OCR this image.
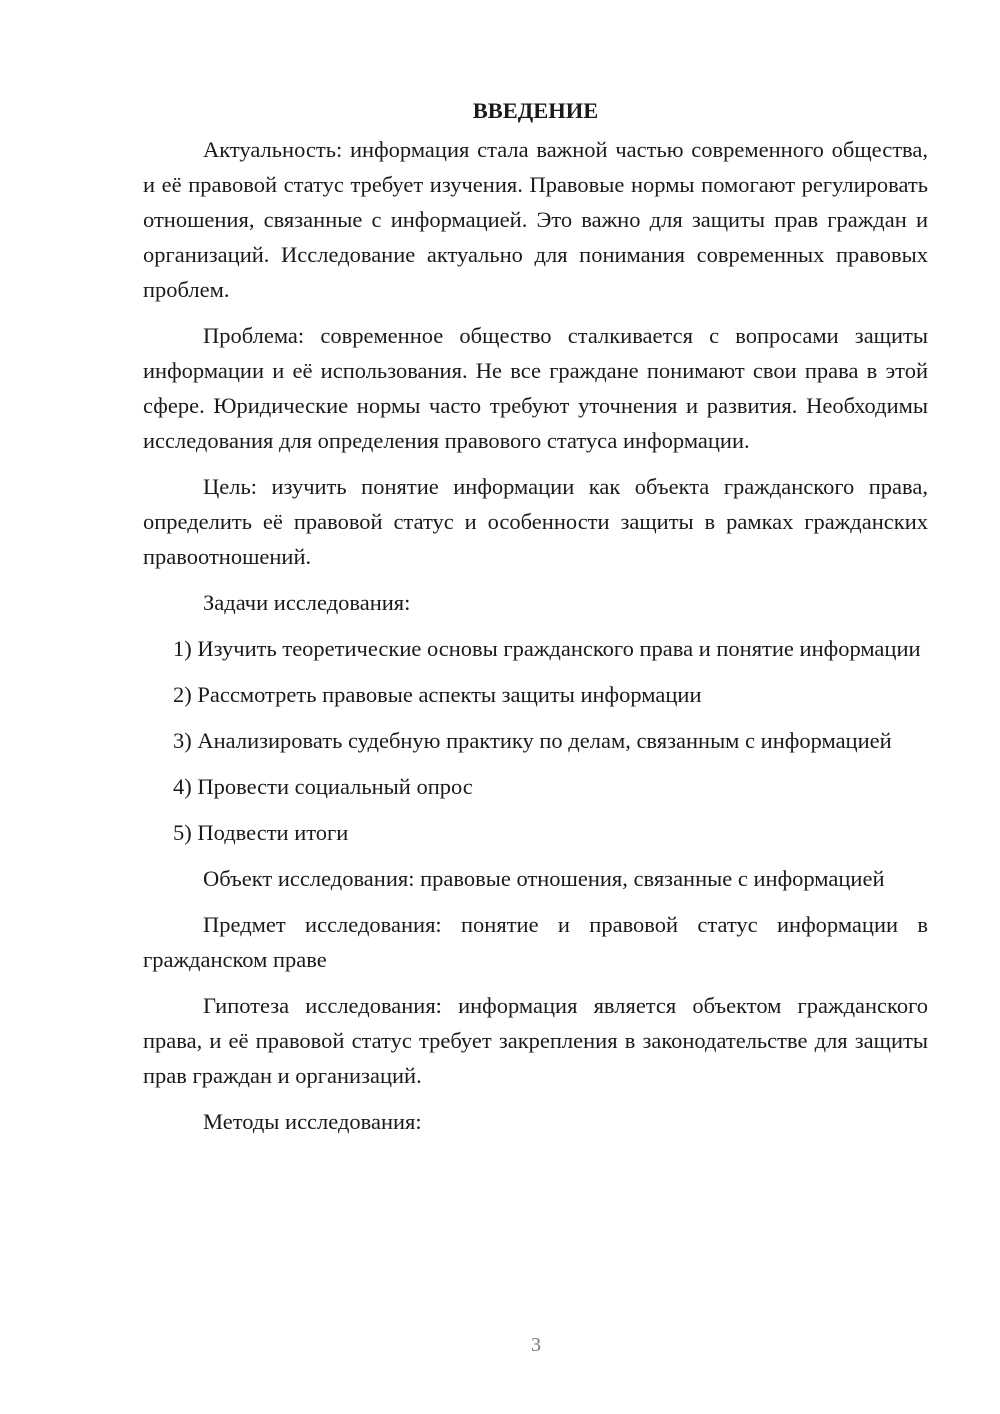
ВВЕДЕНИЕ

Актуальность: информация стала важной частью современного общества, и её правовой статус требует изучения. Правовые нормы помогают регулировать отношения, связанные с информацией. Это важно для защиты прав граждан и организаций. Исследование актуально для понимания современных правовых проблем.

Проблема: современное общество сталкивается с вопросами защиты информации и её использования. Не все граждане понимают свои права в этой сфере. Юридические нормы часто требуют уточнения и развития. Необходимы исследования для определения правового статуса информации.

Цель: изучить понятие информации как объекта гражданского права, определить её правовой статус и особенности защиты в рамках гражданских правоотношений.

Задачи исследования:

1) Изучить теоретические основы гражданского права и понятие информации

2) Рассмотреть правовые аспекты защиты информации

3) Анализировать судебную практику по делам, связанным с информацией

4) Провести социальный опрос

5) Подвести итоги

Объект исследования: правовые отношения, связанные с информацией

Предмет исследования: понятие и правовой статус информации в гражданском праве

Гипотеза исследования: информация является объектом гражданского права, и её правовой статус требует закрепления в законодательстве для защиты прав граждан и организаций.

Методы исследования:

3
